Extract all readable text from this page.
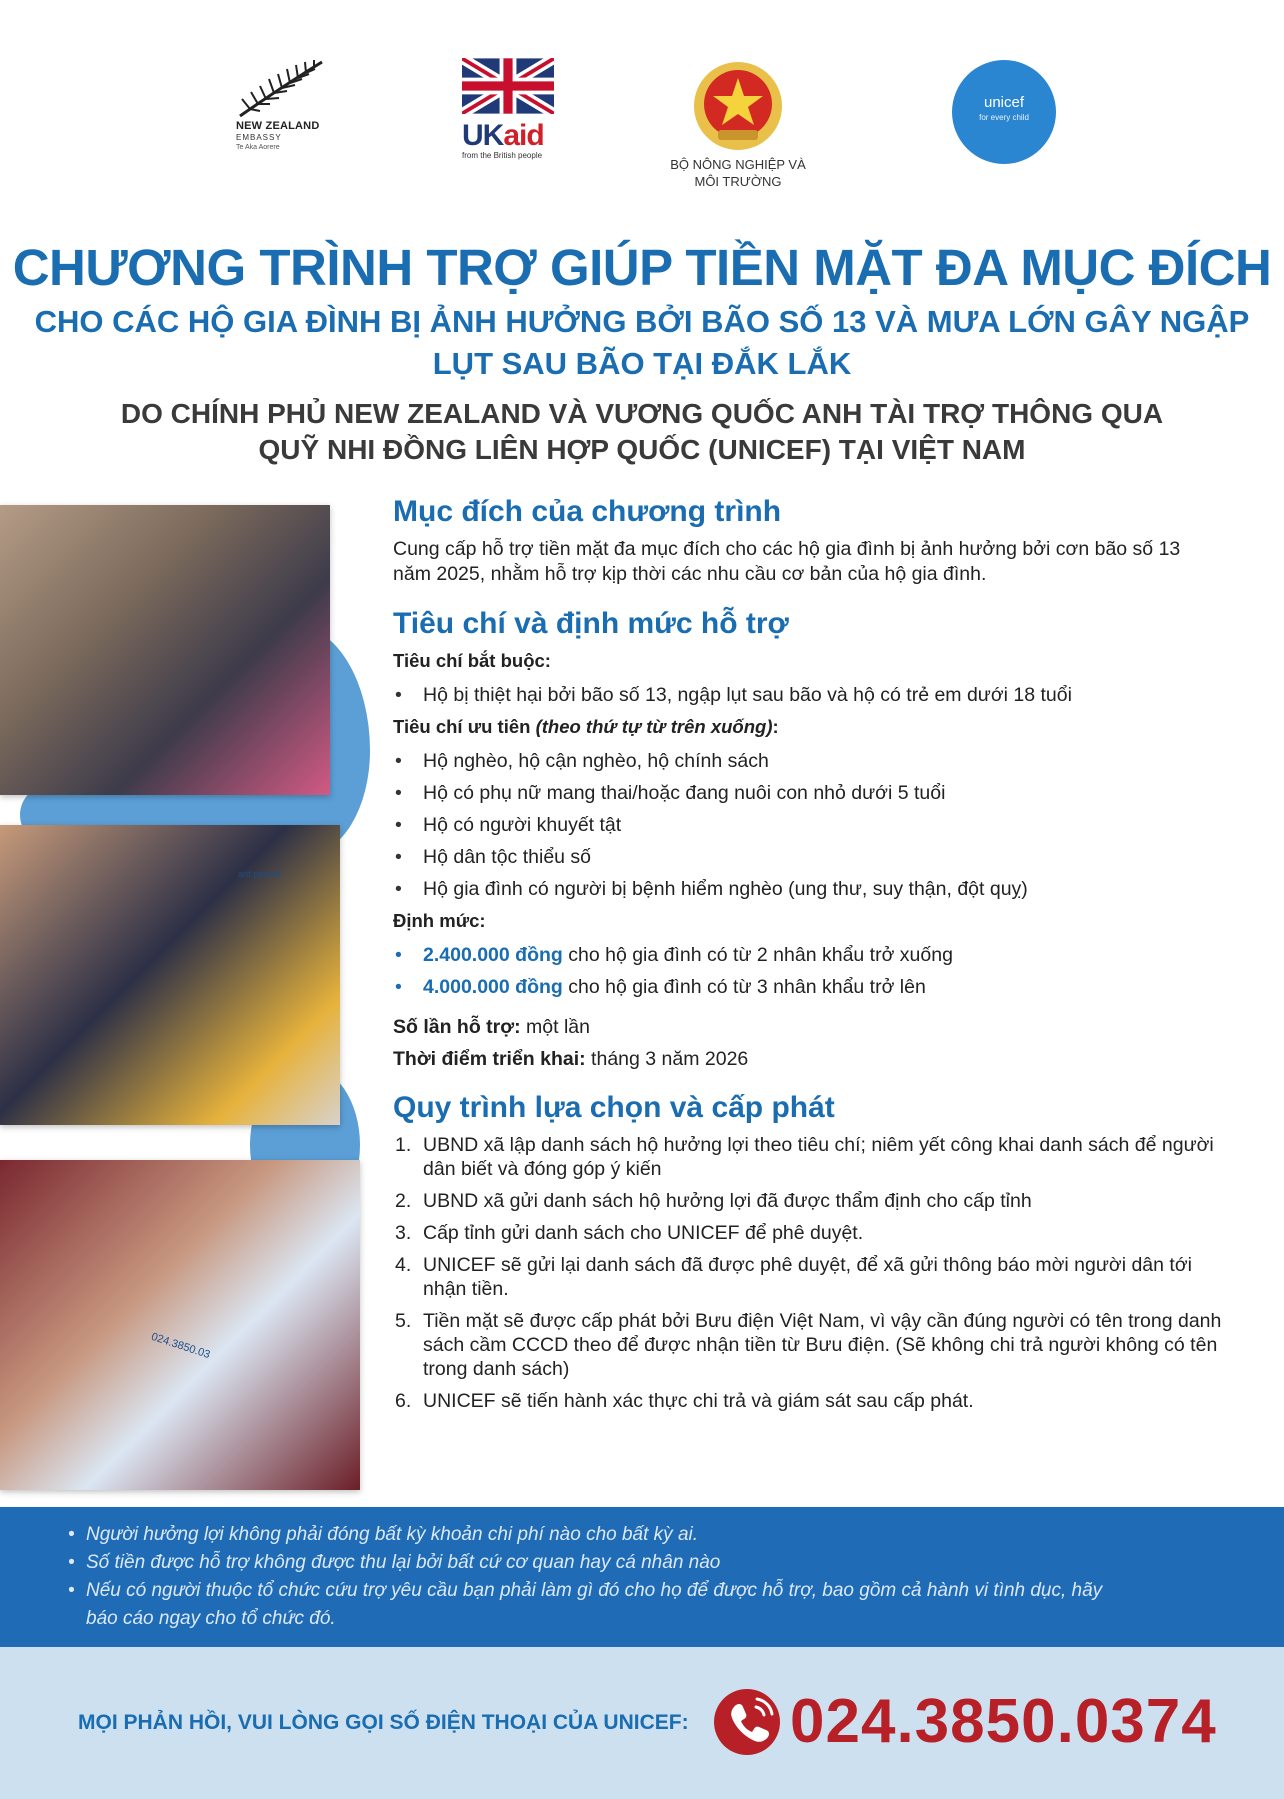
NEW ZEALAND
EMBASSY
Te Aka Aorere	UKaid
from the British people
BỘ NÔNG NGHIỆP VÀ
MÔI TRƯỜNG
unicef
for every child
CHƯƠNG TRÌNH TRỢ GIÚP TIỀN MẶT ĐA MỤC ĐÍCH
CHO CÁC HỘ GIA ĐÌNH BỊ ẢNH HƯỞNG BỞI BÃO SỐ 13 VÀ MƯA LỚN GÂY NGẬP
LỤT SAU BÃO TẠI ĐẮK LẮK
DO CHÍNH PHỦ NEW ZEALAND VÀ VƯƠNG QUỐC ANH TÀI TRỢ THÔNG QUA
QUỸ NHI ĐỒNG LIÊN HỢP QUỐC (UNICEF) TẠI VIỆT NAM
ard penerit
024.3850.03
Mục đích của chương trình

Cung cấp hỗ trợ tiền mặt đa mục đích cho các hộ gia đình bị ảnh hưởng bởi cơn bão số 13 năm 2025, nhằm hỗ trợ kịp thời các nhu cầu cơ bản của hộ gia đình.

Tiêu chí và định mức hỗ trợ
Tiêu chí bắt buộc:
• Hộ bị thiệt hại bởi bão số 13, ngập lụt sau bão và hộ có trẻ em dưới 18 tuổi
Tiêu chí ưu tiên (theo thứ tự từ trên xuống):
• Hộ nghèo, hộ cận nghèo, hộ chính sách
• Hộ có phụ nữ mang thai/hoặc đang nuôi con nhỏ dưới 5 tuổi
• Hộ có người khuyết tật
• Hộ dân tộc thiểu số
• Hộ gia đình có người bị bệnh hiểm nghèo (ung thư, suy thận, đột quỵ)
Định mức:
• 2.400.000 đồng cho hộ gia đình có từ 2 nhân khẩu trở xuống
• 4.000.000 đồng cho hộ gia đình có từ 3 nhân khẩu trở lên
Số lần hỗ trợ: một lần
Thời điểm triển khai: tháng 3 năm 2026
Quy trình lựa chọn và cấp phát
1. UBND xã lập danh sách hộ hưởng lợi theo tiêu chí; niêm yết công khai danh sách để người dân biết và đóng góp ý kiến
2. UBND xã gửi danh sách hộ hưởng lợi đã được thẩm định cho cấp tỉnh
3. Cấp tỉnh gửi danh sách cho UNICEF để phê duyệt.
4. UNICEF sẽ gửi lại danh sách đã được phê duyệt, để xã gửi thông báo mời người dân tới nhận tiền.
5. Tiền mặt sẽ được cấp phát bởi Bưu điện Việt Nam, vì vậy cần đúng người có tên trong danh sách cầm CCCD theo để được nhận tiền từ Bưu điện. (Sẽ không chi trả người không có tên trong danh sách)
6. UNICEF sẽ tiến hành xác thực chi trả và giám sát sau cấp phát.
• Người hưởng lợi không phải đóng bất kỳ khoản chi phí nào cho bất kỳ ai.
• Số tiền được hỗ trợ không được thu lại bởi bất cứ cơ quan hay cá nhân nào
• Nếu có người thuộc tổ chức cứu trợ yêu cầu bạn phải làm gì đó cho họ để được hỗ trợ, bao gồm cả hành vi tình dục, hãy báo cáo ngay cho tổ chức đó.
MỌI PHẢN HỒI, VUI LÒNG GỌI SỐ ĐIỆN THOẠI CỦA UNICEF: 024.3850.0374
